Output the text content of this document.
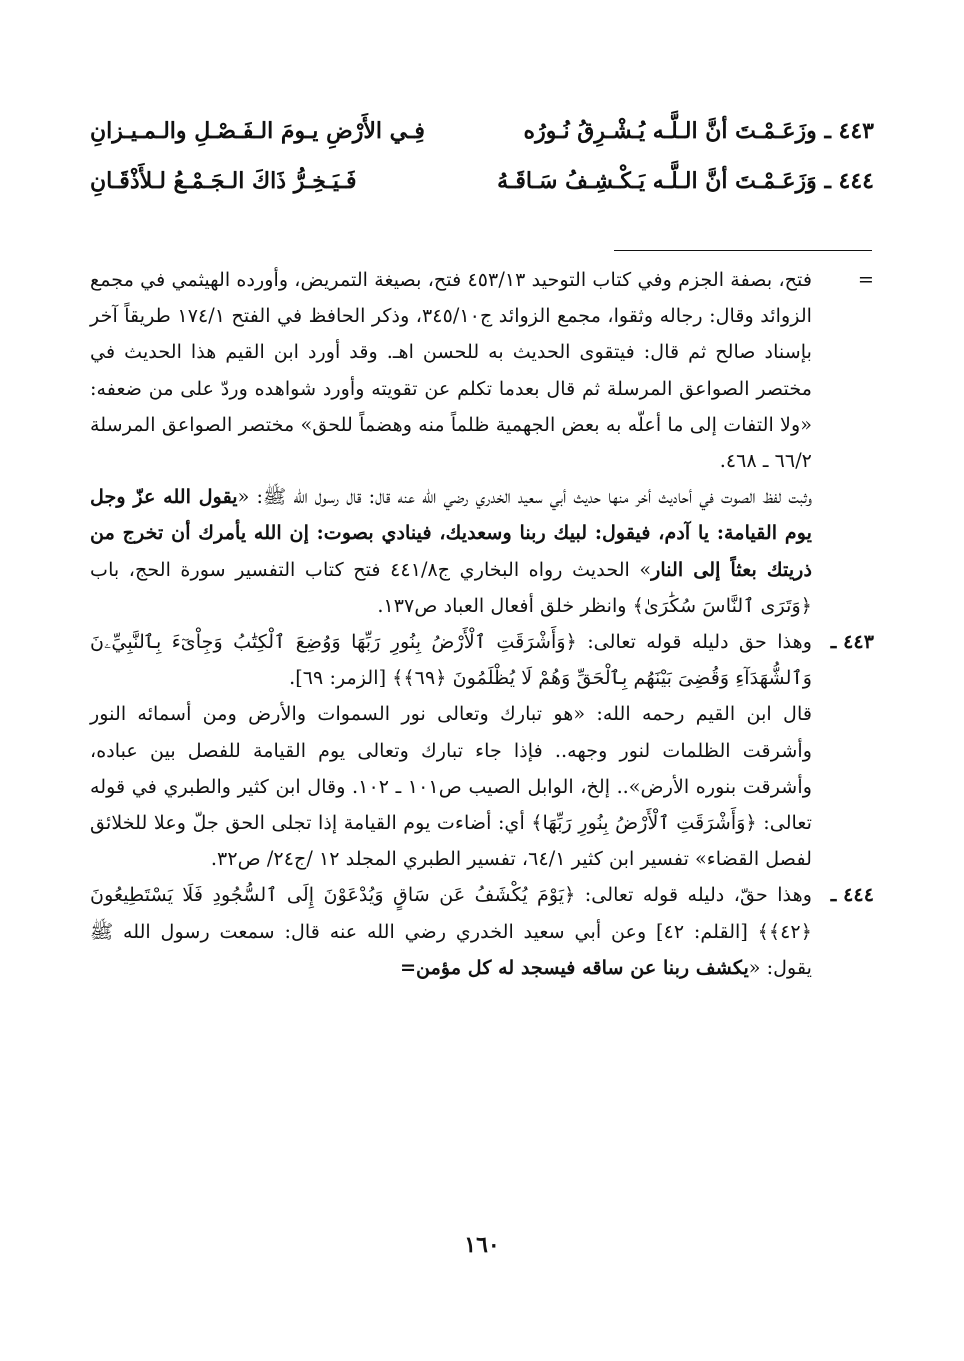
٤٤٣ ـ وزَعَـمْـتَ أنَّ الـلَّـه يُـشْـرِقُ نُـورُه
فِـي الأَرْضِ يـومَ الـفَـصْـلِ والـمـيـزانِ
٤٤٤ ـ وَزَعَـمْـتَ أنَّ الـلَّـه يَـكْـشِـفُ سَـاقَـهُ
فَـيَـخِـرُّ ذَاكَ الـجَـمْـعُ لـلأَذْقَـانِ

=
فتح، بصفة الجزم وفي كتاب التوحيد ٤٥٣/١٣ فتح، بصيغة التمريض، وأورده الهيثمي في مجمع الزوائد وقال: رجاله وثقوا، مجمع الزوائد ج٣٤٥/١٠، وذكر الحافظ في الفتح ١٧٤/١ طريقاً آخر بإسناد صالح ثم قال: فيتقوى الحديث به للحسن اهـ. وقد أورد ابن القيم هذا الحديث في مختصر الصواعق المرسلة ثم قال بعدما تكلم عن تقويته وأورد شواهده وردّ على من ضعفه: «ولا التفات إلى ما أعلّه به بعض الجهمية ظلماً منه وهضماً للحق» مختصر الصواعق المرسلة ٦٦/٢ ـ ٤٦٨.

وثبت لفظ الصوت في أحاديث أخر منها حديث أبي سعيد الخدري رضي الله عنه قال: قال رسول الله ﷺ: «يقول الله عزّ وجل يوم القيامة: يا آدم، فيقول: لبيك ربنا وسعديك، فينادي بصوت: إن الله يأمرك أن تخرج من ذريتك بعثاً إلى النار» الحديث رواه البخاري ج٤٤١/٨ فتح كتاب التفسير سورة الحج، باب ﴿وَتَرَى ٱلنَّاسَ سُكَٰرَىٰ﴾ وانظر خلق أفعال العباد ص١٣٧.

٤٤٣ ـ

وهذا حق دليله قوله تعالى: ﴿وَأَشْرَقَتِ ٱلْأَرْضُ بِنُورِ رَبِّهَا وَوُضِعَ ٱلْكِتَٰبُ وَجِاْىٓءَ بِٱلنَّبِيِّۦنَ وَٱلشُّهَدَآءِ وَقُضِىَ بَيْنَهُم بِٱلْحَقِّ وَهُمْ لَا يُظْلَمُونَ ﴿٦٩﴾﴾ [الزمر: ٦٩].

قال ابن القيم رحمه الله: «هو تبارك وتعالى نور السموات والأرض ومن أسمائه النور وأشرقت الظلمات لنور وجهه.. فإذا جاء تبارك وتعالى يوم القيامة للفصل بين عباده، وأشرقت بنوره الأرض».. إلخ، الوابل الصيب ص١٠١ ـ ١٠٢. وقال ابن كثير والطبري في قوله تعالى: ﴿وَأَشْرَقَتِ ٱلْأَرْضُ بِنُورِ رَبِّهَا﴾ أي: أضاءت يوم القيامة إذا تجلى الحق جلّ وعلا للخلائق لفصل القضاء» تفسير ابن كثير ٦٤/١، تفسير الطبري المجلد ١٢ /ج٢٤/ ص٣٢.

٤٤٤ ـ

وهذا حقّ، دليله قوله تعالى: ﴿يَوْمَ يُكْشَفُ عَن سَاقٍ وَيُدْعَوْنَ إِلَى ٱلسُّجُودِ فَلَا يَسْتَطِيعُونَ ﴿٤٢﴾﴾ [القلم: ٤٢] وعن أبي سعيد الخدري رضي الله عنه قال: سمعت رسول الله ﷺ يقول: «يكشف ربنا عن ساقه فيسجد له كل مؤمن=

١٦٠
